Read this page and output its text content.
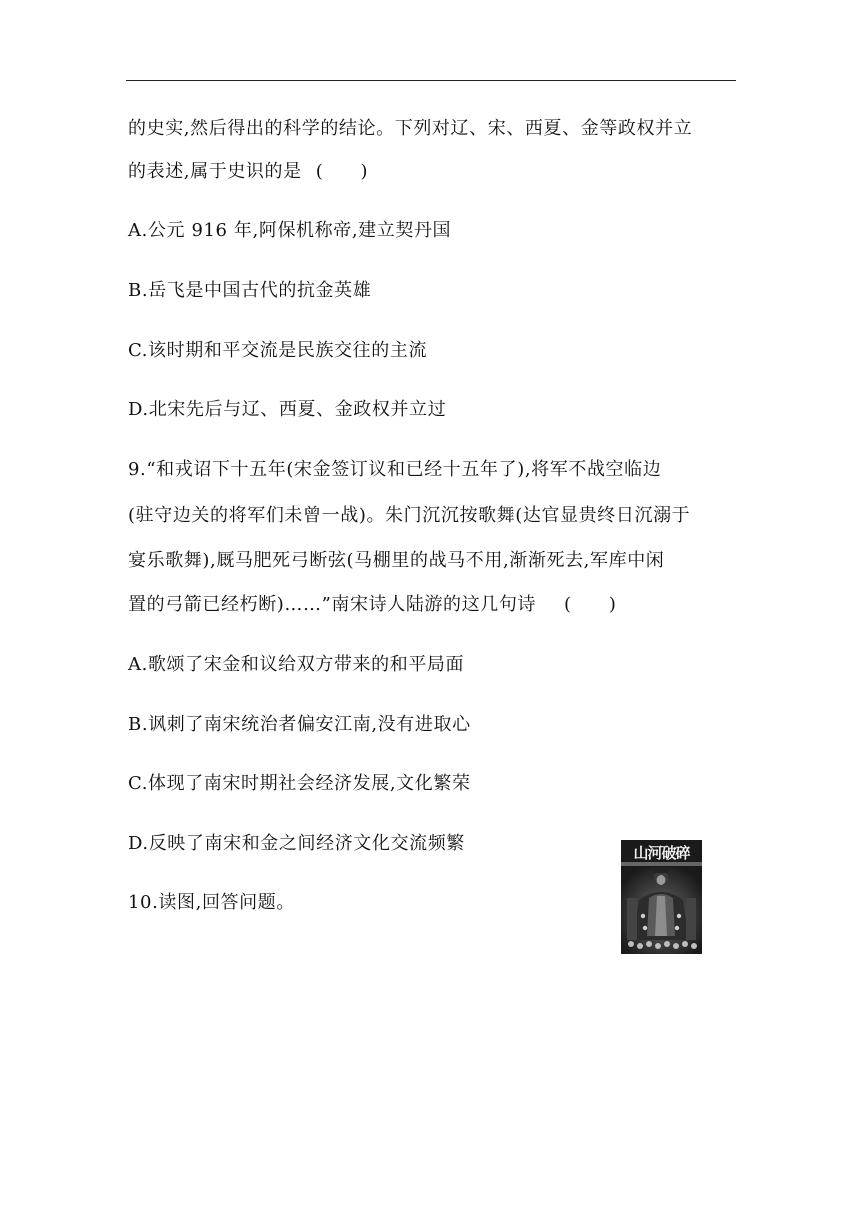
的史实,然后得出的科学的结论。下列对辽、宋、西夏、金等政权并立
的表述,属于史识的是 (　　)
A.公元 916 年,阿保机称帝,建立契丹国
B.岳飞是中国古代的抗金英雄
C.该时期和平交流是民族交往的主流
D.北宋先后与辽、西夏、金政权并立过
9.“和戎诏下十五年(宋金签订议和已经十五年了),将军不战空临边
(驻守边关的将军们未曾一战)。朱门沉沉按歌舞(达官显贵终日沉溺于
宴乐歌舞),厩马肥死弓断弦(马棚里的战马不用,渐渐死去,军库中闲
置的弓箭已经朽断)……”南宋诗人陆游的这几句诗 (　　)
A.歌颂了宋金和议给双方带来的和平局面
B.讽刺了南宋统治者偏安江南,没有进取心
C.体现了南宋时期社会经济发展,文化繁荣
D.反映了南宋和金之间经济文化交流频繁
10.读图,回答问题。
山河破碎
